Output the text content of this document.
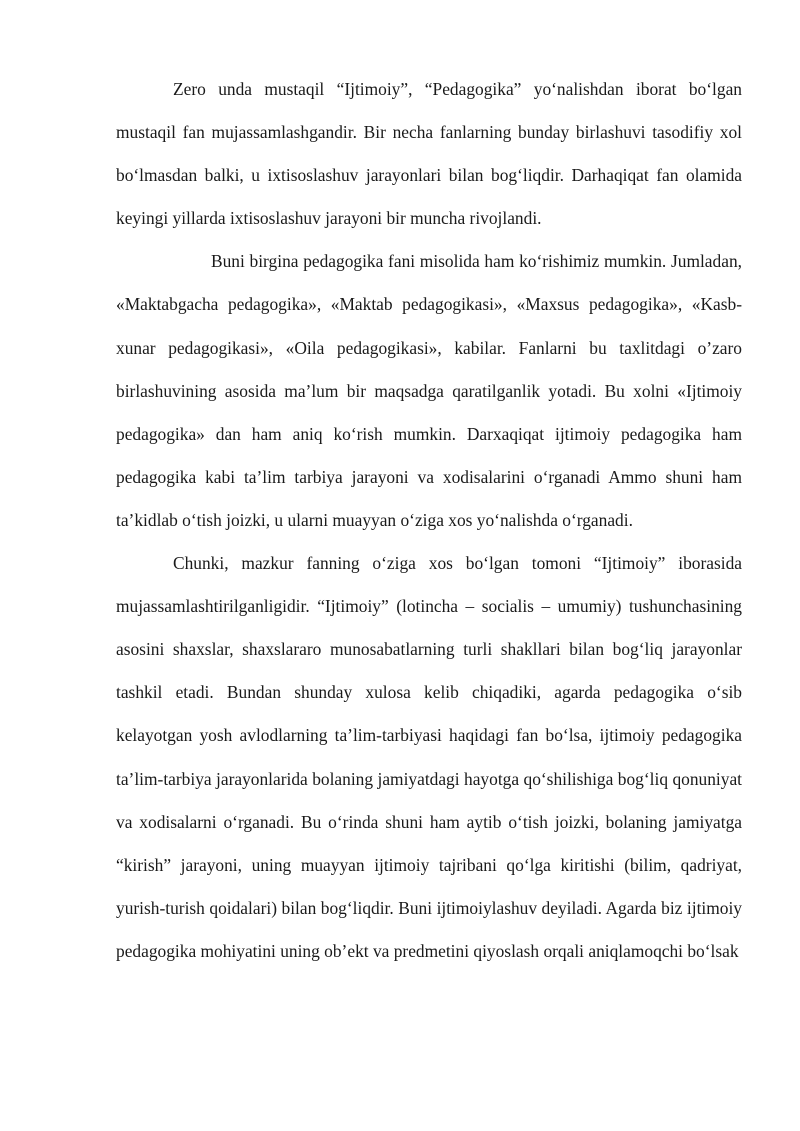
Zero unda mustaqil “Ijtimoiy”, “Pedagogika” yo‘nalishdan iborat bo‘lgan mustaqil fan mujassamlashgandir. Bir necha fanlarning bunday birlashuvi tasodifiy xol bo‘lmasdan balki, u ixtisoslashuv jarayonlari bilan bog‘liqdir. Darhaqiqat fan olamida keyingi yillarda ixtisoslashuv jarayoni bir muncha rivojlandi.

Buni birgina pedagogika fani misolida ham ko‘rishimiz mumkin. Jumladan, «Maktabgacha pedagogika», «Maktab pedagogikasi», «Maxsus pedagogika», «Kasb-xunar pedagogikasi», «Oila pedagogikasi», kabilar. Fanlarni bu taxlitdagi o’zaro birlashuvining asosida ma’lum bir maqsadga qaratilganlik yotadi. Bu xolni «Ijtimoiy pedagogika» dan ham aniq ko‘rish mumkin. Darxaqiqat ijtimoiy pedagogika ham pedagogika kabi ta’lim tarbiya jarayoni va xodisalarini o‘rganadi Ammo shuni ham ta’kidlab o‘tish joizki, u ularni muayyan o‘ziga xos yo‘nalishda o‘rganadi.

Chunki, mazkur fanning o‘ziga xos bo‘lgan tomoni “Ijtimoiy” iborasida mujassamlashtirilganligidir. “Ijtimoiy” (lotincha – socialis – umumiy) tushunchasining asosini shaxslar, shaxslararo munosabatlarning turli shakllari bilan bog‘liq jarayonlar tashkil etadi. Bundan shunday xulosa kelib chiqadiki, agarda pedagogika o‘sib kelayotgan yosh avlodlarning ta’lim-tarbiyasi haqidagi fan bo‘lsa, ijtimoiy pedagogika ta’lim-tarbiya jarayonlarida bolaning jamiyatdagi hayotga qo‘shilishiga bog‘liq qonuniyat va xodisalarni o‘rganadi. Bu o‘rinda shuni ham aytib o‘tish joizki, bolaning jamiyatga “kirish” jarayoni, uning muayyan ijtimoiy tajribani qo‘lga kiritishi (bilim, qadriyat, yurish-turish qoidalari) bilan bog‘liqdir. Buni ijtimoiylashuv deyiladi. Agarda biz ijtimoiy pedagogika mohiyatini uning ob’ekt va predmetini qiyoslash orqali aniqlamoqchi bo‘lsak
